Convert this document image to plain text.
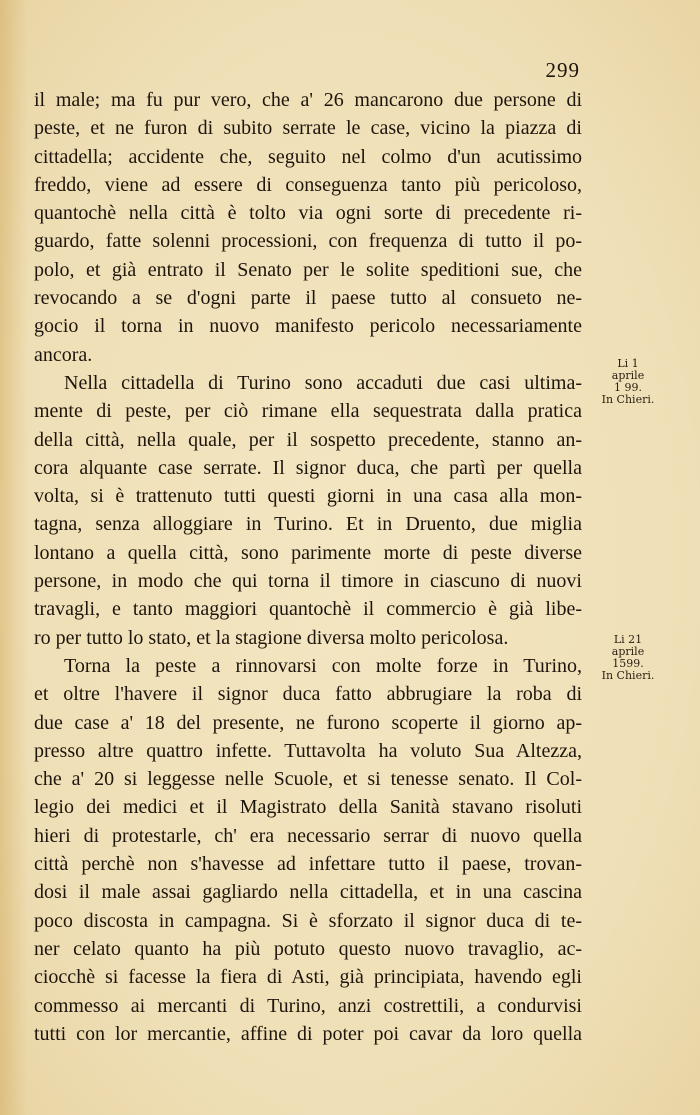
299
il male; ma fu pur vero, che a' 26 mancarono due persone di
peste, et ne furon di subito serrate le case, vicino la piazza di
cittadella; accidente che, seguito nel colmo d'un acutissimo
freddo, viene ad essere di conseguenza tanto più pericoloso,
quantochè nella città è tolto via ogni sorte di precedente ri-
guardo, fatte solenni processioni, con frequenza di tutto il po-
polo, et già entrato il Senato per le solite speditioni sue, che
revocando a se d'ogni parte il paese tutto al consueto ne-
gocio il torna in nuovo manifesto pericolo necessariamente
ancora.
Nella cittadella di Turino sono accaduti due casi ultima-
mente di peste, per ciò rimane ella sequestrata dalla pratica
della città, nella quale, per il sospetto precedente, stanno an-
cora alquante case serrate. Il signor duca, che partì per quella
volta, si è trattenuto tutti questi giorni in una casa alla mon-
tagna, senza alloggiare in Turino. Et in Druento, due miglia
lontano a quella città, sono parimente morte di peste diverse
persone, in modo che qui torna il timore in ciascuno di nuovi
travagli, e tanto maggiori quantochè il commercio è già libe-
ro per tutto lo stato, et la stagione diversa molto pericolosa.
Torna la peste a rinnovarsi con molte forze in Turino,
et oltre l'havere il signor duca fatto abbrugiare la roba di
due case a' 18 del presente, ne furono scoperte il giorno ap-
presso altre quattro infette. Tuttavolta ha voluto Sua Altezza,
che a' 20 si leggesse nelle Scuole, et si tenesse senato. Il Col-
legio dei medici et il Magistrato della Sanità stavano risoluti
hieri di protestarle, ch' era necessario serrar di nuovo quella
città perchè non s'havesse ad infettare tutto il paese, trovan-
dosi il male assai gagliardo nella cittadella, et in una cascina
poco discosta in campagna. Si è sforzato il signor duca di te-
ner celato quanto ha più potuto questo nuovo travaglio, ac-
ciocchè si facesse la fiera di Asti, già principiata, havendo egli
commesso ai mercanti di Turino, anzi costrettili, a condurvisi
tutti con lor mercantie, affine di poter poi cavar da loro quella
Li 1
aprile
1 99.
In Chieri.
Li 21
aprile
1599.
In Chieri.
